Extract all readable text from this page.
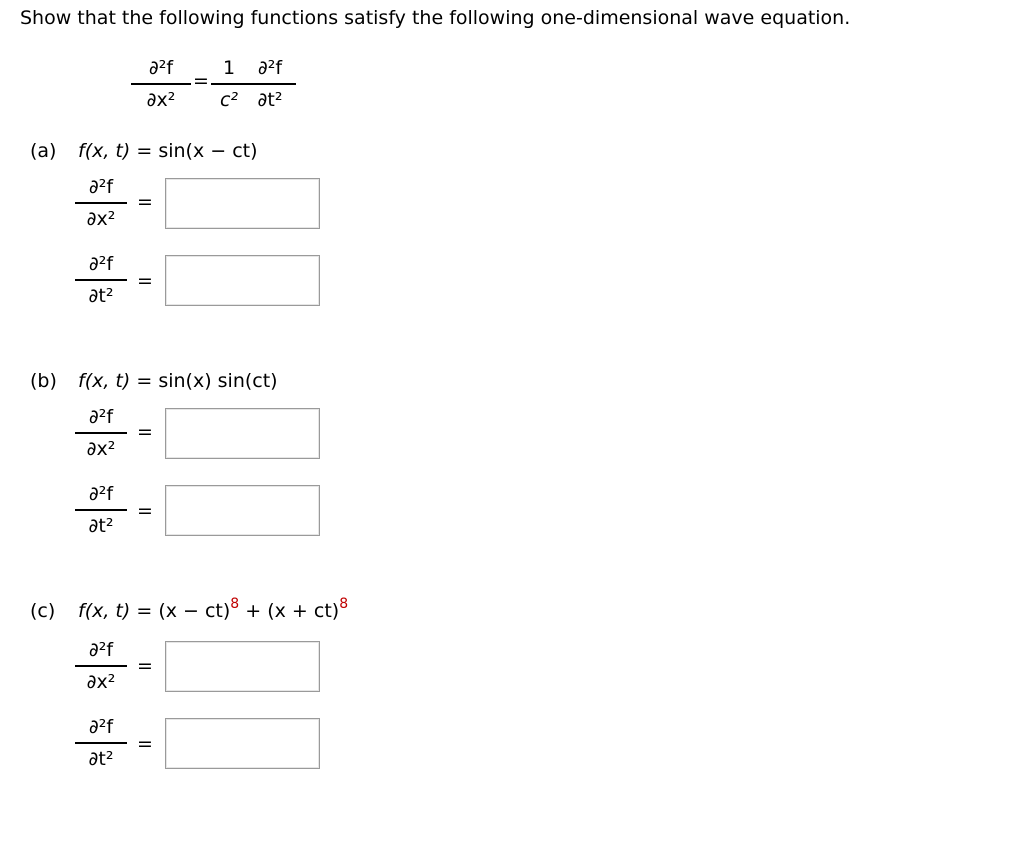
Show that the following functions satisfy the following one-dimensional wave equation.
∂²f
∂x²
=
1
c²
∂²f
∂t²
(a) f(x, t) = sin(x − ct)
∂²f
∂x²
=
∂²f
∂t²
=
(b) f(x, t) = sin(x) sin(ct)
∂²f
∂x²
=
∂²f
∂t²
=
(c) f(x, t) = (x − ct)$^8$ + (x + ct)$^8$
∂²f
∂x²
=
∂²f
∂t²
=
